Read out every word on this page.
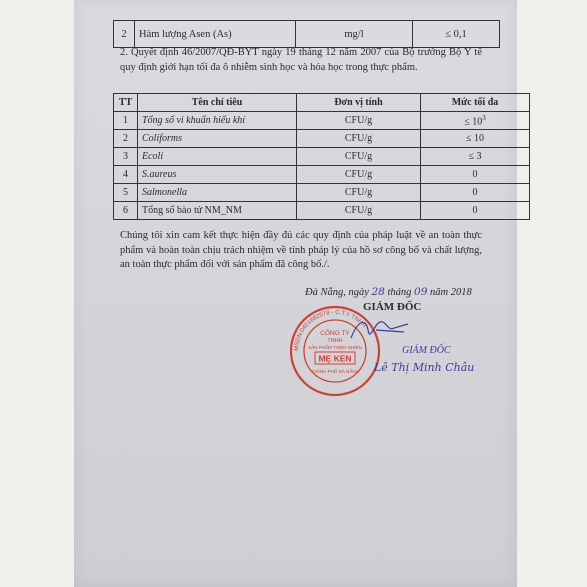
2	Hàm lượng Asen (As)	mg/l	≤ 0,1
2. Quyết định 46/2007/QĐ-BYT ngày 19 tháng 12 năm 2007 của Bộ trưởng Bộ Y tế quy định giới hạn tối đa ô nhiễm sinh học và hóa học trong thực phẩm.
TT	Tên chỉ tiêu	Đơn vị tính	Mức tối đa
1	Tổng số vi khuẩn hiếu khí	CFU/g	≤ $10^3$
2	Coliforms	CFU/g	≤ 10
3	Ecoli	CFU/g	≤ 3
4	S.aureus	CFU/g	0
5	Salmonella	CFU/g	0
6	Tổng số bào tử NM_NM	CFU/g	0
Chúng tôi xin cam kết thực hiện đầy đủ các quy định của pháp luật về an toàn thực phẩm và hoàn toàn chịu trách nhiệm về tính pháp lý của hồ sơ công bố và chất lượng, an toàn thực phẩm đối với sản phẩm đã công bố./.
Đà Nẵng, ngày 28 tháng 09 năm 2018
GIÁM ĐỐC
MSDN:0401682579 - C.T.Y TNHH
CÔNG TY
TNHH
SẢN PHẨM THIÊN NHIÊN
MẸ KEN
THÀNH PHỐ ĐÀ NẴNG
GIÁM ĐỐC
Lê Thị Minh Châu
